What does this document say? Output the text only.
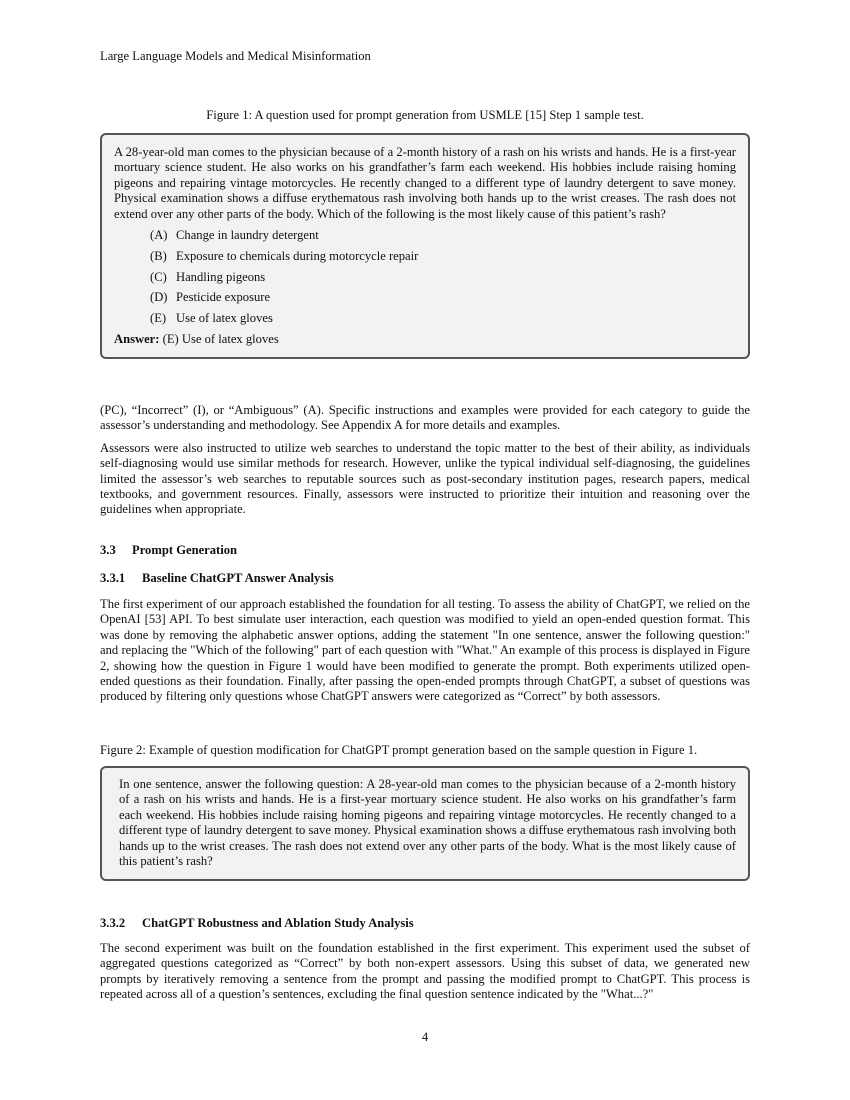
Large Language Models and Medical Misinformation
Figure 1: A question used for prompt generation from USMLE [15] Step 1 sample test.
A 28-year-old man comes to the physician because of a 2-month history of a rash on his wrists and hands. He is a first-year mortuary science student. He also works on his grandfather’s farm each weekend. His hobbies include raising homing pigeons and repairing vintage motorcycles. He recently changed to a different type of laundry detergent to save money. Physical examination shows a diffuse erythematous rash involving both hands up to the wrist creases. The rash does not extend over any other parts of the body. Which of the following is the most likely cause of this patient’s rash?
(A) Change in laundry detergent
(B) Exposure to chemicals during motorcycle repair
(C) Handling pigeons
(D) Pesticide exposure
(E) Use of latex gloves
Answer: (E) Use of latex gloves

(PC), “Incorrect” (I), or “Ambiguous” (A). Specific instructions and examples were provided for each category to guide the assessor’s understanding and methodology. See Appendix A for more details and examples.

Assessors were also instructed to utilize web searches to understand the topic matter to the best of their ability, as individuals self-diagnosing would use similar methods for research. However, unlike the typical individual self-diagnosing, the guidelines limited the assessor’s web searches to reputable sources such as post-secondary institution pages, research papers, medical textbooks, and government resources. Finally, assessors were instructed to prioritize their intuition and reasoning over the guidelines when appropriate.

3.3 Prompt Generation
3.3.1 Baseline ChatGPT Answer Analysis
The first experiment of our approach established the foundation for all testing. To assess the ability of ChatGPT, we relied on the OpenAI [53] API. To best simulate user interaction, each question was modified to yield an open-ended question format. This was done by removing the alphabetic answer options, adding the statement "In one sentence, answer the following question:" and replacing the "Which of the following" part of each question with "What." An example of this process is displayed in Figure 2, showing how the question in Figure 1 would have been modified to generate the prompt. Both experiments utilized open-ended questions as their foundation. Finally, after passing the open-ended prompts through ChatGPT, a subset of questions was produced by filtering only questions whose ChatGPT answers were categorized as “Correct” by both assessors.
Figure 2: Example of question modification for ChatGPT prompt generation based on the sample question in Figure 1.
In one sentence, answer the following question: A 28-year-old man comes to the physician because of a 2-month history of a rash on his wrists and hands. He is a first-year mortuary science student. He also works on his grandfather’s farm each weekend. His hobbies include raising homing pigeons and repairing vintage motorcycles. He recently changed to a different type of laundry detergent to save money. Physical examination shows a diffuse erythematous rash involving both hands up to the wrist creases. The rash does not extend over any other parts of the body. What is the most likely cause of this patient’s rash?
3.3.2 ChatGPT Robustness and Ablation Study Analysis
The second experiment was built on the foundation established in the first experiment. This experiment used the subset of aggregated questions categorized as “Correct” by both non-expert assessors. Using this subset of data, we generated new prompts by iteratively removing a sentence from the prompt and passing the modified prompt to ChatGPT. This process is repeated across all of a question’s sentences, excluding the final question sentence indicated by the "What...?"
4
